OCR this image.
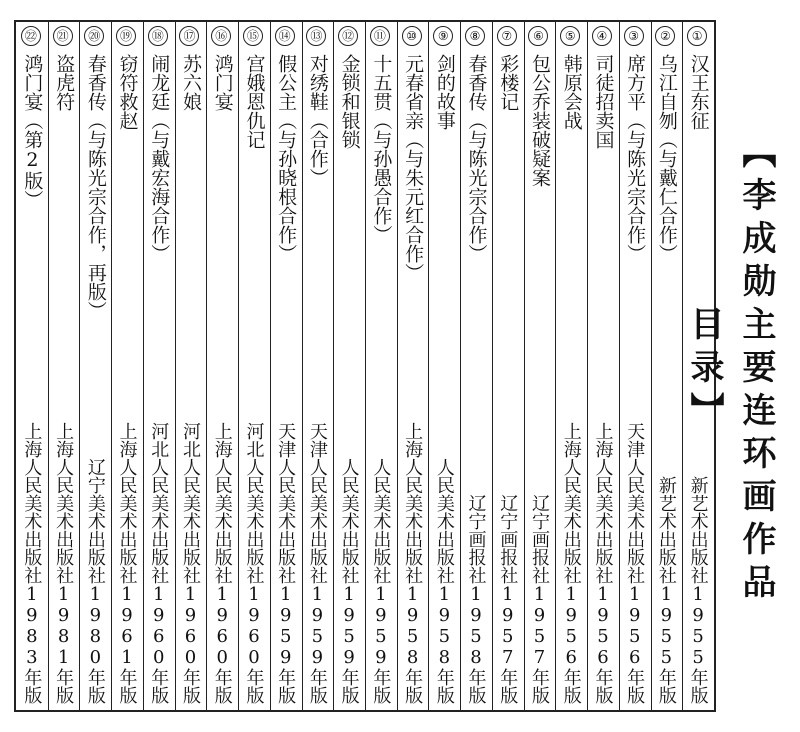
①
汉王东征
新艺术出版社1955年版
②
乌江自刎（与戴仁合作）
新艺术出版社1955年版
③
席方平（与陈光宗合作）
天津人民美术出版社1956年版
④
司徒招卖国
上海人民美术出版社1956年版
⑤
韩原会战
上海人民美术出版社1956年版
⑥
包公乔装破疑案
辽宁画报社1957年版
⑦
彩楼记
辽宁画报社1957年版
⑧
春香传（与陈光宗合作）
辽宁画报社1958年版
⑨
剑的故事
人民美术出版社1958年版
⑩
元春省亲（与朱元红合作）
上海人民美术出版社1958年版
⑪
十五贯（与孙愚合作）
人民美术出版社1959年版
⑫
金锁和银锁
人民美术出版社1959年版
⑬
对绣鞋（合作）
天津人民美术出版社1959年版
⑭
假公主（与孙晓根合作）
天津人民美术出版社1959年版
⑮
宫娥恩仇记
河北人民美术出版社1960年版
⑯
鸿门宴
上海人民美术出版社1960年版
⑰
苏六娘
河北人民美术出版社1960年版
⑱
闹龙廷（与戴宏海合作）
河北人民美术出版社1960年版
⑲
窃符救赵
上海人民美术出版社1961年版
⑳
春香传（与陈光宗合作，再版）
辽宁美术出版社1980年版
㉑
盗虎符
上海人民美术出版社1981年版
㉒
鸿门宴（第2版）
上海人民美术出版社1983年版	【李成勋主要连环画作品目录】
